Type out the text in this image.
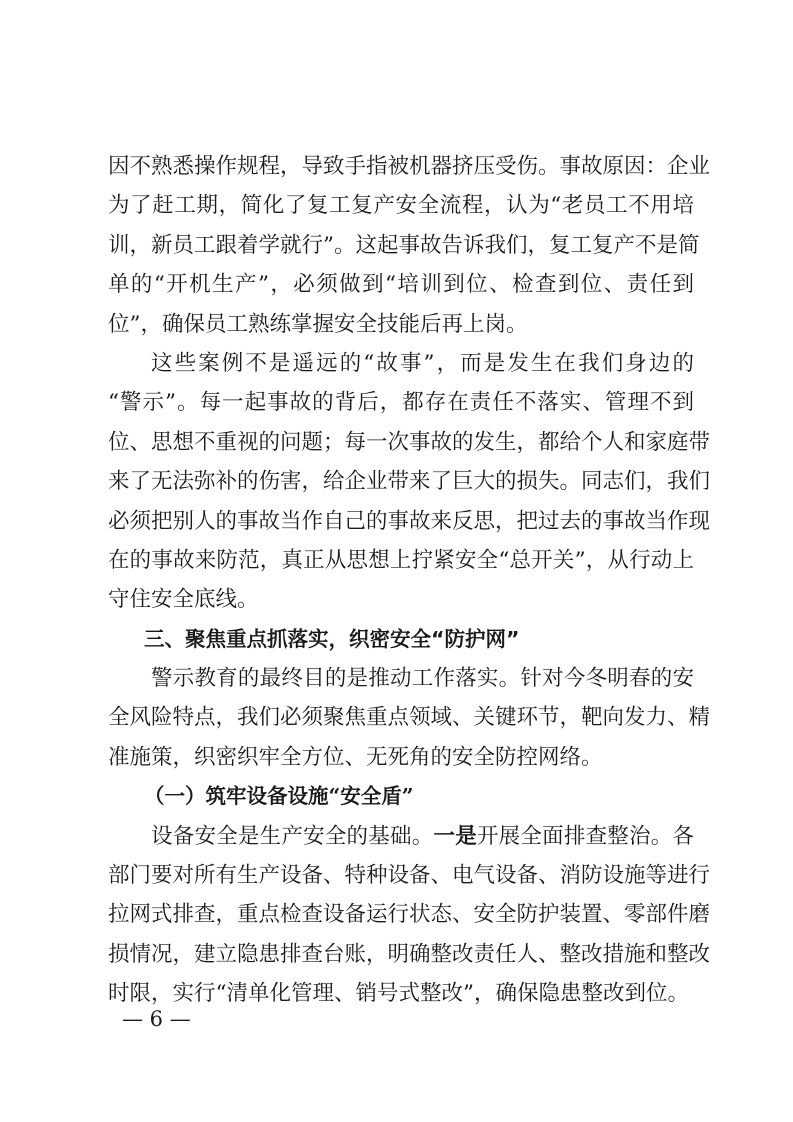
因不熟悉操作规程，导致手指被机器挤压受伤。事故原因：企业
为了赶工期，简化了复工复产安全流程，认为“老员工不用培
训，新员工跟着学就行”。这起事故告诉我们，复工复产不是简
单的“开机生产”，必须做到“培训到位、检查到位、责任到
位”，确保员工熟练掌握安全技能后再上岗。
这些案例不是遥远的“故事”，而是发生在我们身边的
“警示”。每一起事故的背后，都存在责任不落实、管理不到
位、思想不重视的问题；每一次事故的发生，都给个人和家庭带
来了无法弥补的伤害，给企业带来了巨大的损失。同志们，我们
必须把别人的事故当作自己的事故来反思，把过去的事故当作现
在的事故来防范，真正从思想上拧紧安全“总开关”，从行动上
守住安全底线。
三、聚焦重点抓落实，织密安全“防护网”
警示教育的最终目的是推动工作落实。针对今冬明春的安
全风险特点，我们必须聚焦重点领域、关键环节，靶向发力、精
准施策，织密织牢全方位、无死角的安全防控网络。
（一）筑牢设备设施“安全盾”
设备安全是生产安全的基础。一是开展全面排查整治。各
部门要对所有生产设备、特种设备、电气设备、消防设施等进行
拉网式排查，重点检查设备运行状态、安全防护装置、零部件磨
损情况，建立隐患排查台账，明确整改责任人、整改措施和整改
时限，实行“清单化管理、销号式整改”，确保隐患整改到位。
— 6 —
